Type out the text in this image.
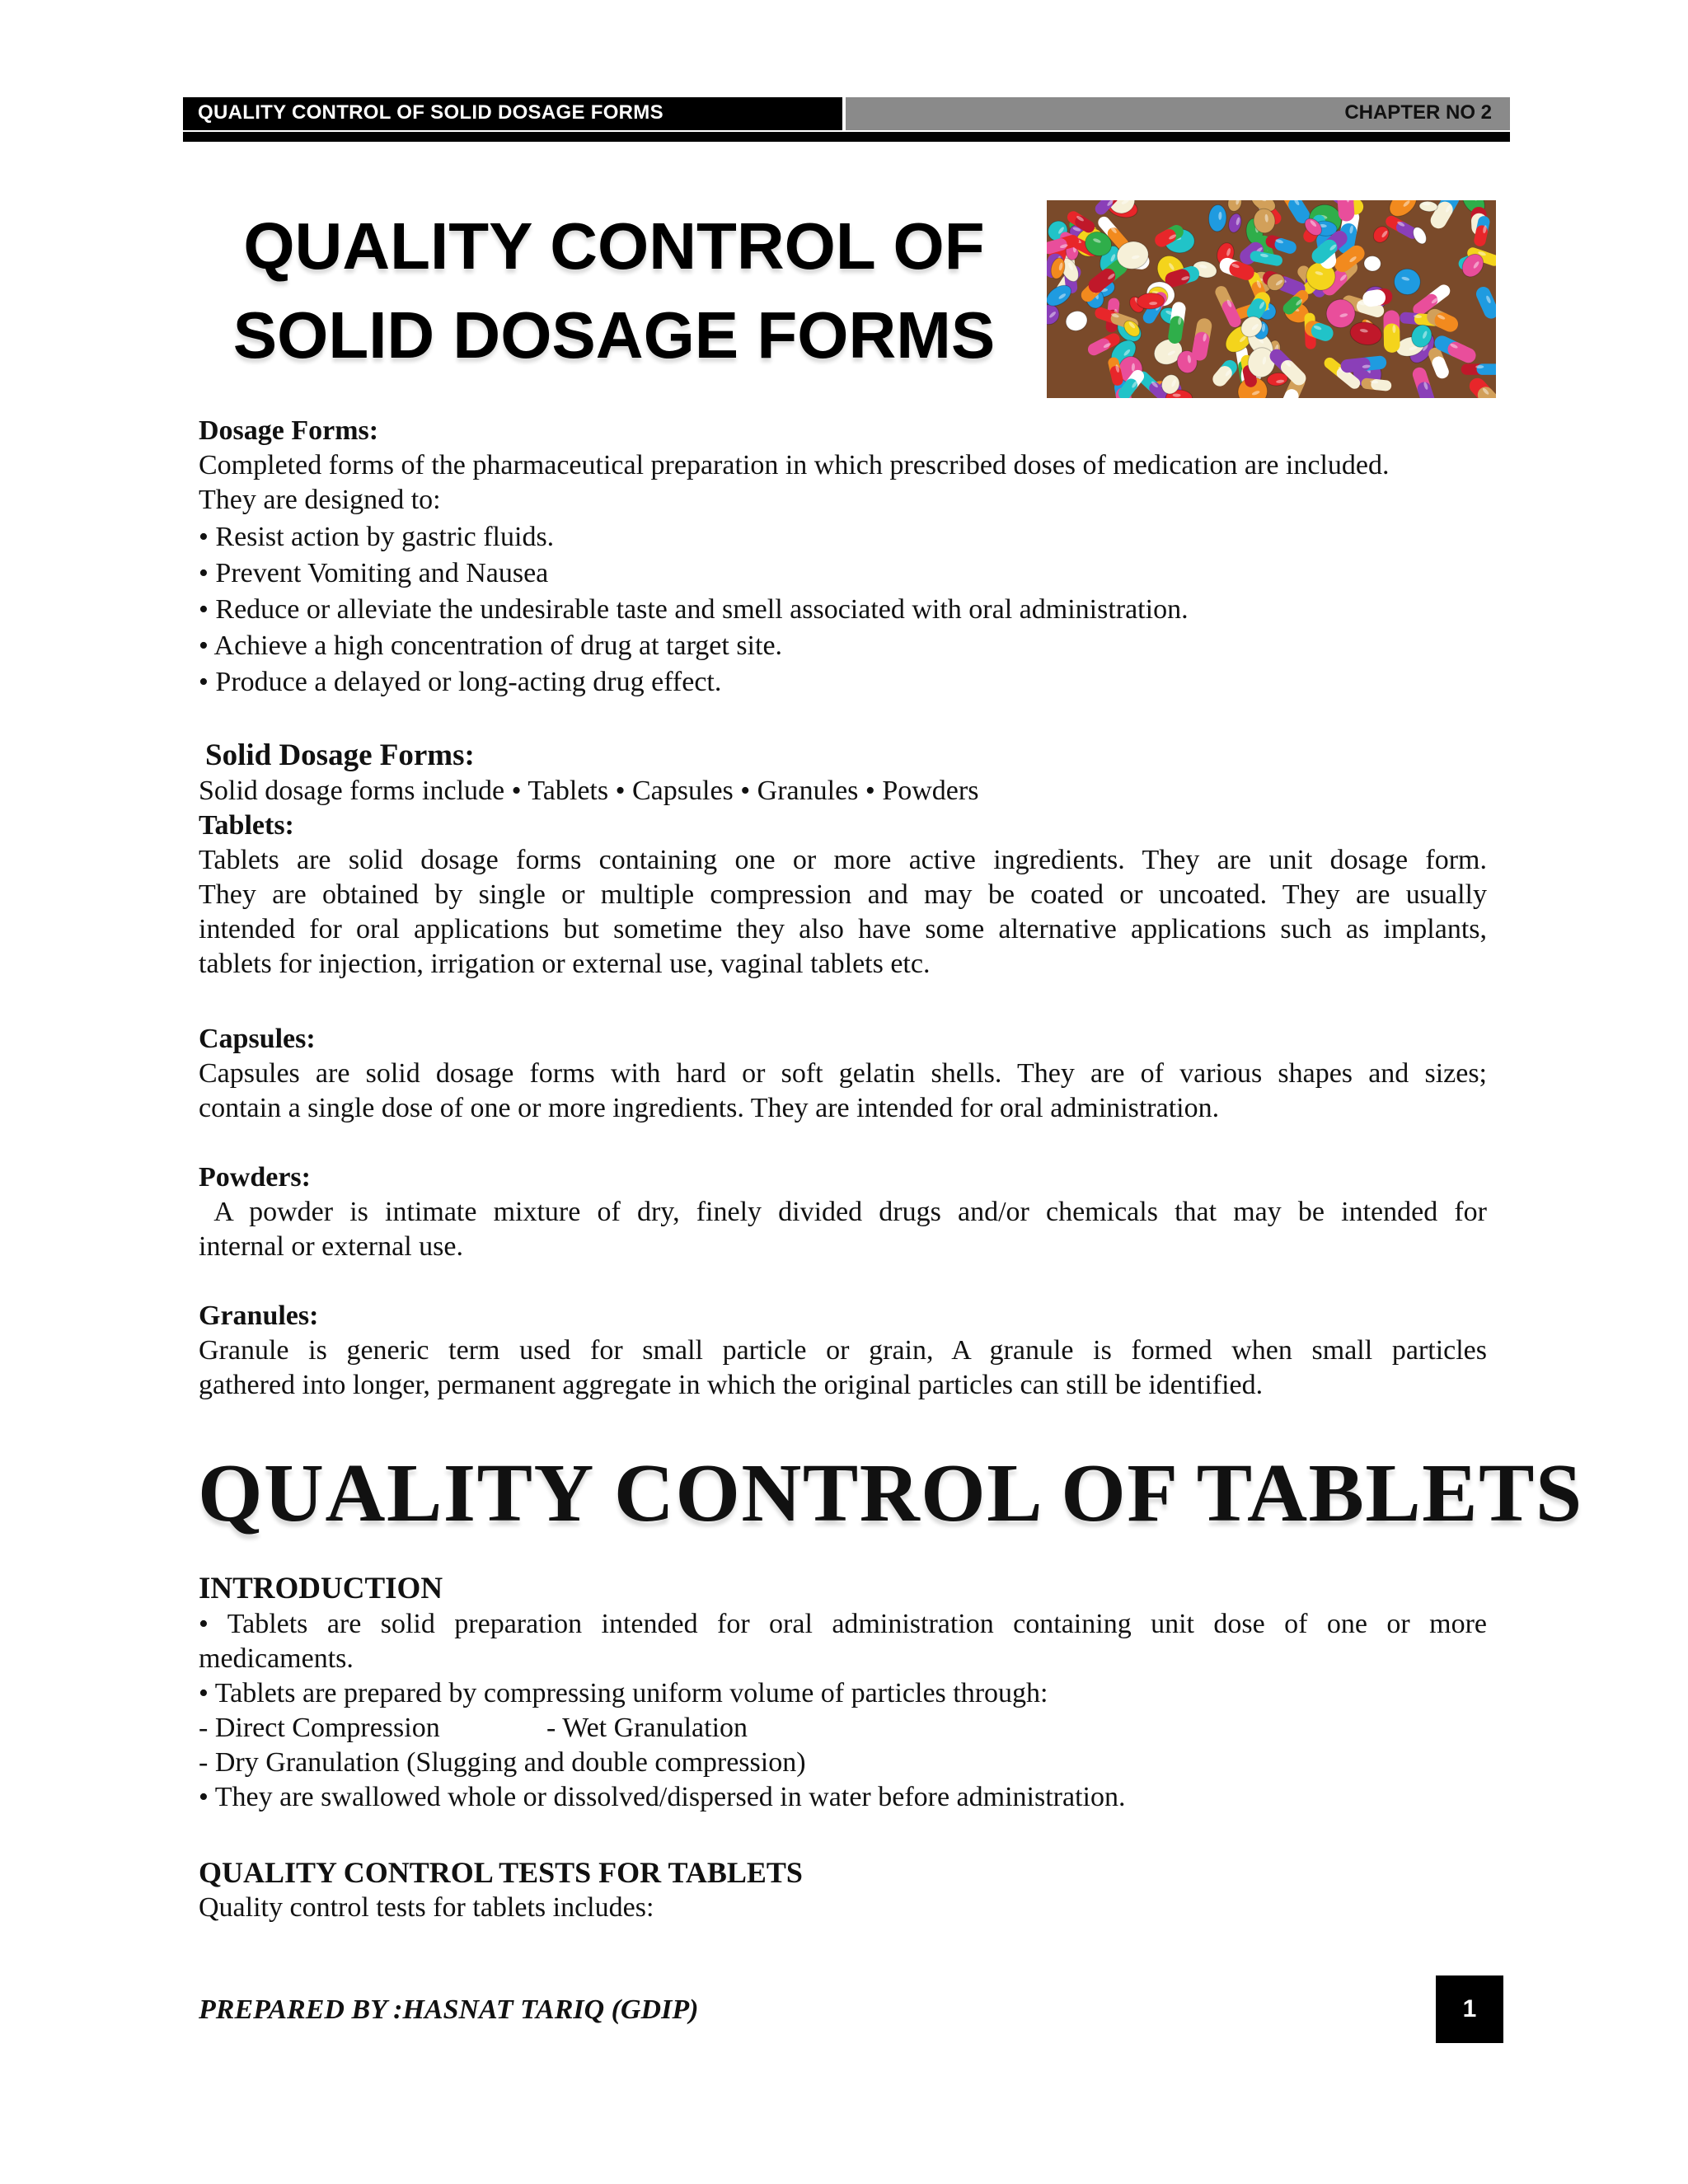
QUALITY CONTROL OF SOLID DOSAGE FORMS	CHAPTER NO 2
QUALITY CONTROL OF
SOLID DOSAGE FORMS
Dosage Forms:
Completed forms of the pharmaceutical preparation in which prescribed doses of medication are included.
They are designed to:
• Resist action by gastric fluids.
• Prevent Vomiting and Nausea
• Reduce or alleviate the undesirable taste and smell associated with oral administration.
• Achieve a high concentration of drug at target site.
• Produce a delayed or long-acting drug effect.
Solid Dosage Forms:
Solid dosage forms include • Tablets • Capsules • Granules • Powders
Tablets:
Tablets are solid dosage forms containing one or more active ingredients. They are unit dosage form.
They are obtained by single or multiple compression and may be coated or uncoated. They are usually
intended for oral applications but sometime they also have some alternative applications such as implants,
tablets for injection, irrigation or external use, vaginal tablets etc.
Capsules:
Capsules are solid dosage forms with hard or soft gelatin shells. They are of various shapes and sizes;
contain a single dose of one or more ingredients. They are intended for oral administration.
Powders:
A powder is intimate mixture of dry, finely divided drugs and/or chemicals that may be intended for
internal or external use.
Granules:
Granule is generic term used for small particle or grain, A granule is formed when small particles
gathered into longer, permanent aggregate in which the original particles can still be identified.
QUALITY CONTROL OF TABLETS
INTRODUCTION
• Tablets are solid preparation intended for oral administration containing unit dose of one or more
medicaments.
• Tablets are prepared by compressing uniform volume of particles through:
- Direct Compression	- Wet Granulation
- Dry Granulation (Slugging and double compression)
• They are swallowed whole or dissolved/dispersed in water before administration.
QUALITY CONTROL TESTS FOR TABLETS
Quality control tests for tablets includes:
PREPARED BY :HASNAT TARIQ (GDIP)	1
